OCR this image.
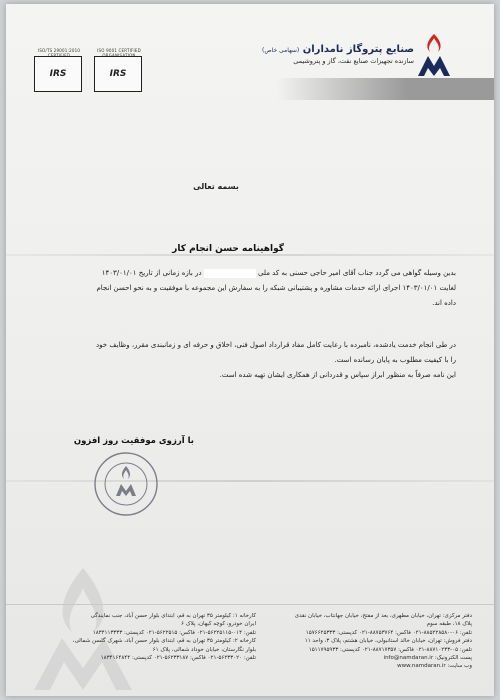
ISO/TS 29001:2010
IRS
ISO 9001 CERTIFIED
IRS
صنایع پتروگاز نامداران (سهامی خاص)
سازنده تجهیزات صنایع نفت، گاز و پتروشیمی
بسمه تعالی
گواهینامه حسن انجام کار
بدین وسیله گواهی می گردد جناب آقای امیر حاجی حسنی به کد ملی  در بازه زمانی از تاریخ ۱۴۰۳/۰۱/۰۱
لغایت ۱۴۰۳/۰۱/۰۱ اجرای ارائه خدمات مشاوره و پشتیبانی شبکه را به سفارش این مجموعه با موفقیت و به نحو احسن انجام
داده اند.
در طی انجام خدمت یادشده، نامبرده با رعایت کامل مفاد قرارداد اصول فنی، اخلاق و حرفه ای و زمانبندی مقرر، وظایف خود
را با کیفیت مطلوب به پایان رسانده است.
این نامه صرفاً به منظور ابراز سپاس و قدردانی از همکاری ایشان تهیه شده است.
با آرزوی موفقیت روز افزون
کارخانه ۱: کیلومتر ۳۵ تهران به قم، ابتدای بلوار حسن آباد، جنب نمایندگی
ایران خودرو، کوچه کیهان، پلاک ۶
تلفن: ۰۱۴-۵۶۲۲۵۱۱۵-۰۲۱ فاکس: ۵۶۲۲۵۱۵-۰۲۱ کدپستی: ۱۸۳۴۱۱۳۳۳۳
کارخانه ۲: کیلومتر ۳۵ تهران به قم، ابتدای بلوار حسن آباد، شهرک گلسن شمالی،
بلوار نگارستان، خیابان خوداد شمالی، پلاک ۶۱
تلفن: ۵۶۲۳۳۰۲۰-۰۲۱ فاکس: ۵۶۲۳۳۱۸۷-۰۲۱ کدپستی: ۱۸۳۴۱۶۴۸۴۴
دفتر مرکزی: تهران، خیابان مطهری، بعد از مفتح، خیابان جهانتاب، خیابان نقدی
پلاک ۱۸، طبقه سوم
تلفن: ۰۶-۸۸۵۲۲۸۵۸۰-۰۲۱ فاکس: ۸۸۷۵۳۷۶۴-۰۲۱ کدپستی: ۱۵۷۶۶۲۵۳۳۳
دفتر فروش: تهران، خیابان خالد استانبولی، خیابان هشتم، پلاک ۳، واحد ۱۱
تلفن: ۰۵-۸۸۷۱۰۲۳۳-۰۲۱ فاکس: ۸۸۷۱۷۳۵۷-۰۲۱ کدپستی: ۱۵۱۱۷۹۵۹۳۳
پست الکترونیک: info@namdaran.ir
وب سایت: www.namdaran.ir
